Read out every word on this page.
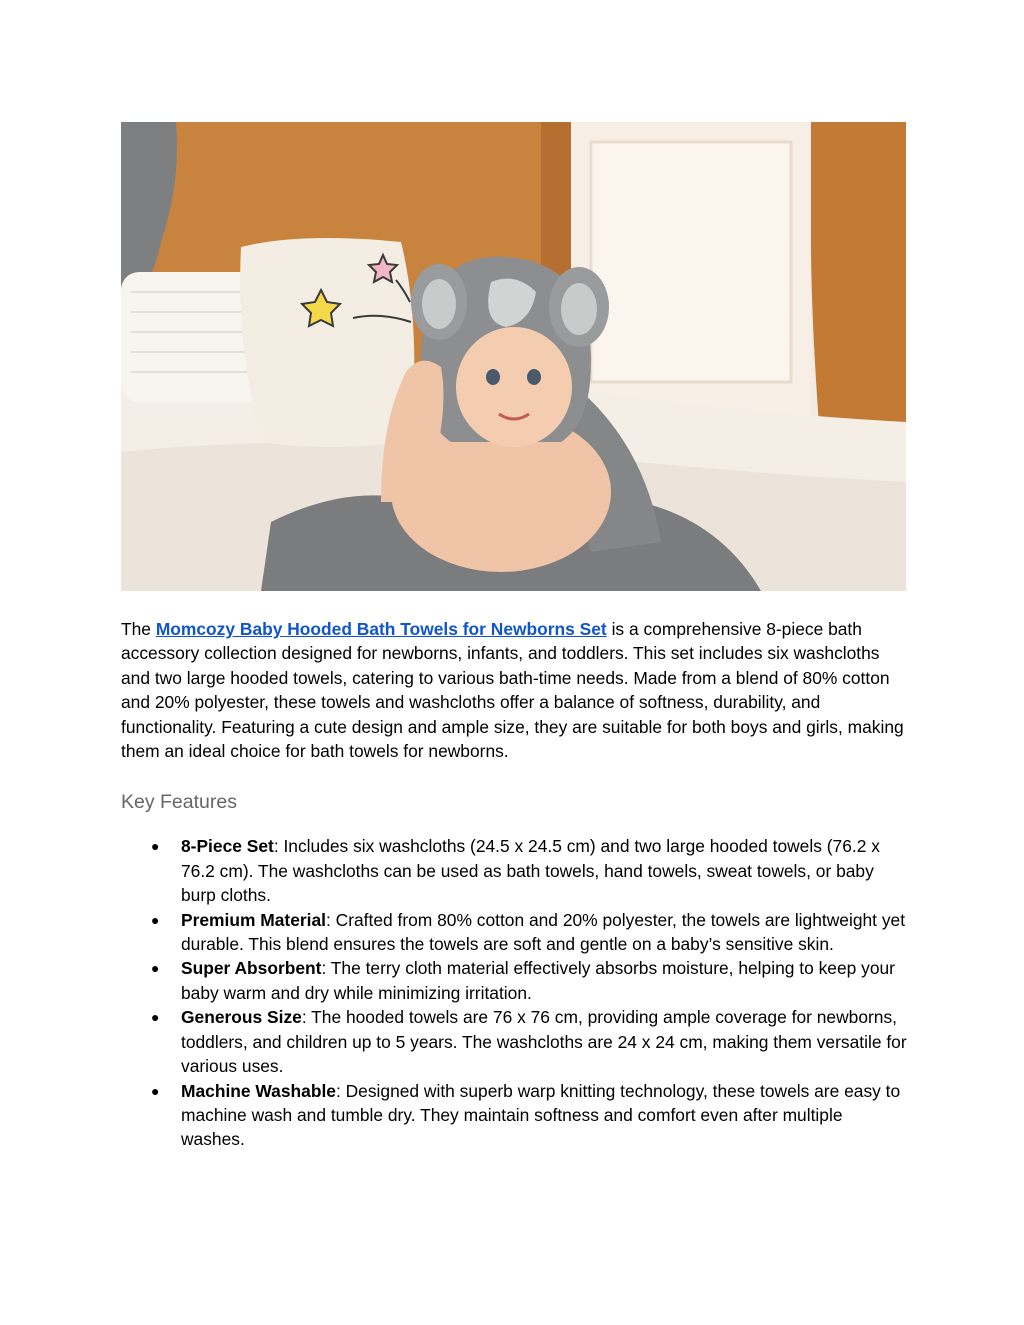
The Momcozy Baby Hooded Bath Towels for Newborns Set is a comprehensive 8-piece bath accessory collection designed for newborns, infants, and toddlers. This set includes six washcloths and two large hooded towels, catering to various bath-time needs. Made from a blend of 80% cotton and 20% polyester, these towels and washcloths offer a balance of softness, durability, and functionality. Featuring a cute design and ample size, they are suitable for both boys and girls, making them an ideal choice for bath towels for newborns.

Key Features
● 8-Piece Set: Includes six washcloths (24.5 x 24.5 cm) and two large hooded towels (76.2 x 76.2 cm). The washcloths can be used as bath towels, hand towels, sweat towels, or baby burp cloths.
● Premium Material: Crafted from 80% cotton and 20% polyester, the towels are lightweight yet durable. This blend ensures the towels are soft and gentle on a baby’s sensitive skin.
● Super Absorbent: The terry cloth material effectively absorbs moisture, helping to keep your baby warm and dry while minimizing irritation.
● Generous Size: The hooded towels are 76 x 76 cm, providing ample coverage for newborns, toddlers, and children up to 5 years. The washcloths are 24 x 24 cm, making them versatile for various uses.
● Machine Washable: Designed with superb warp knitting technology, these towels are easy to machine wash and tumble dry. They maintain softness and comfort even after multiple washes.
